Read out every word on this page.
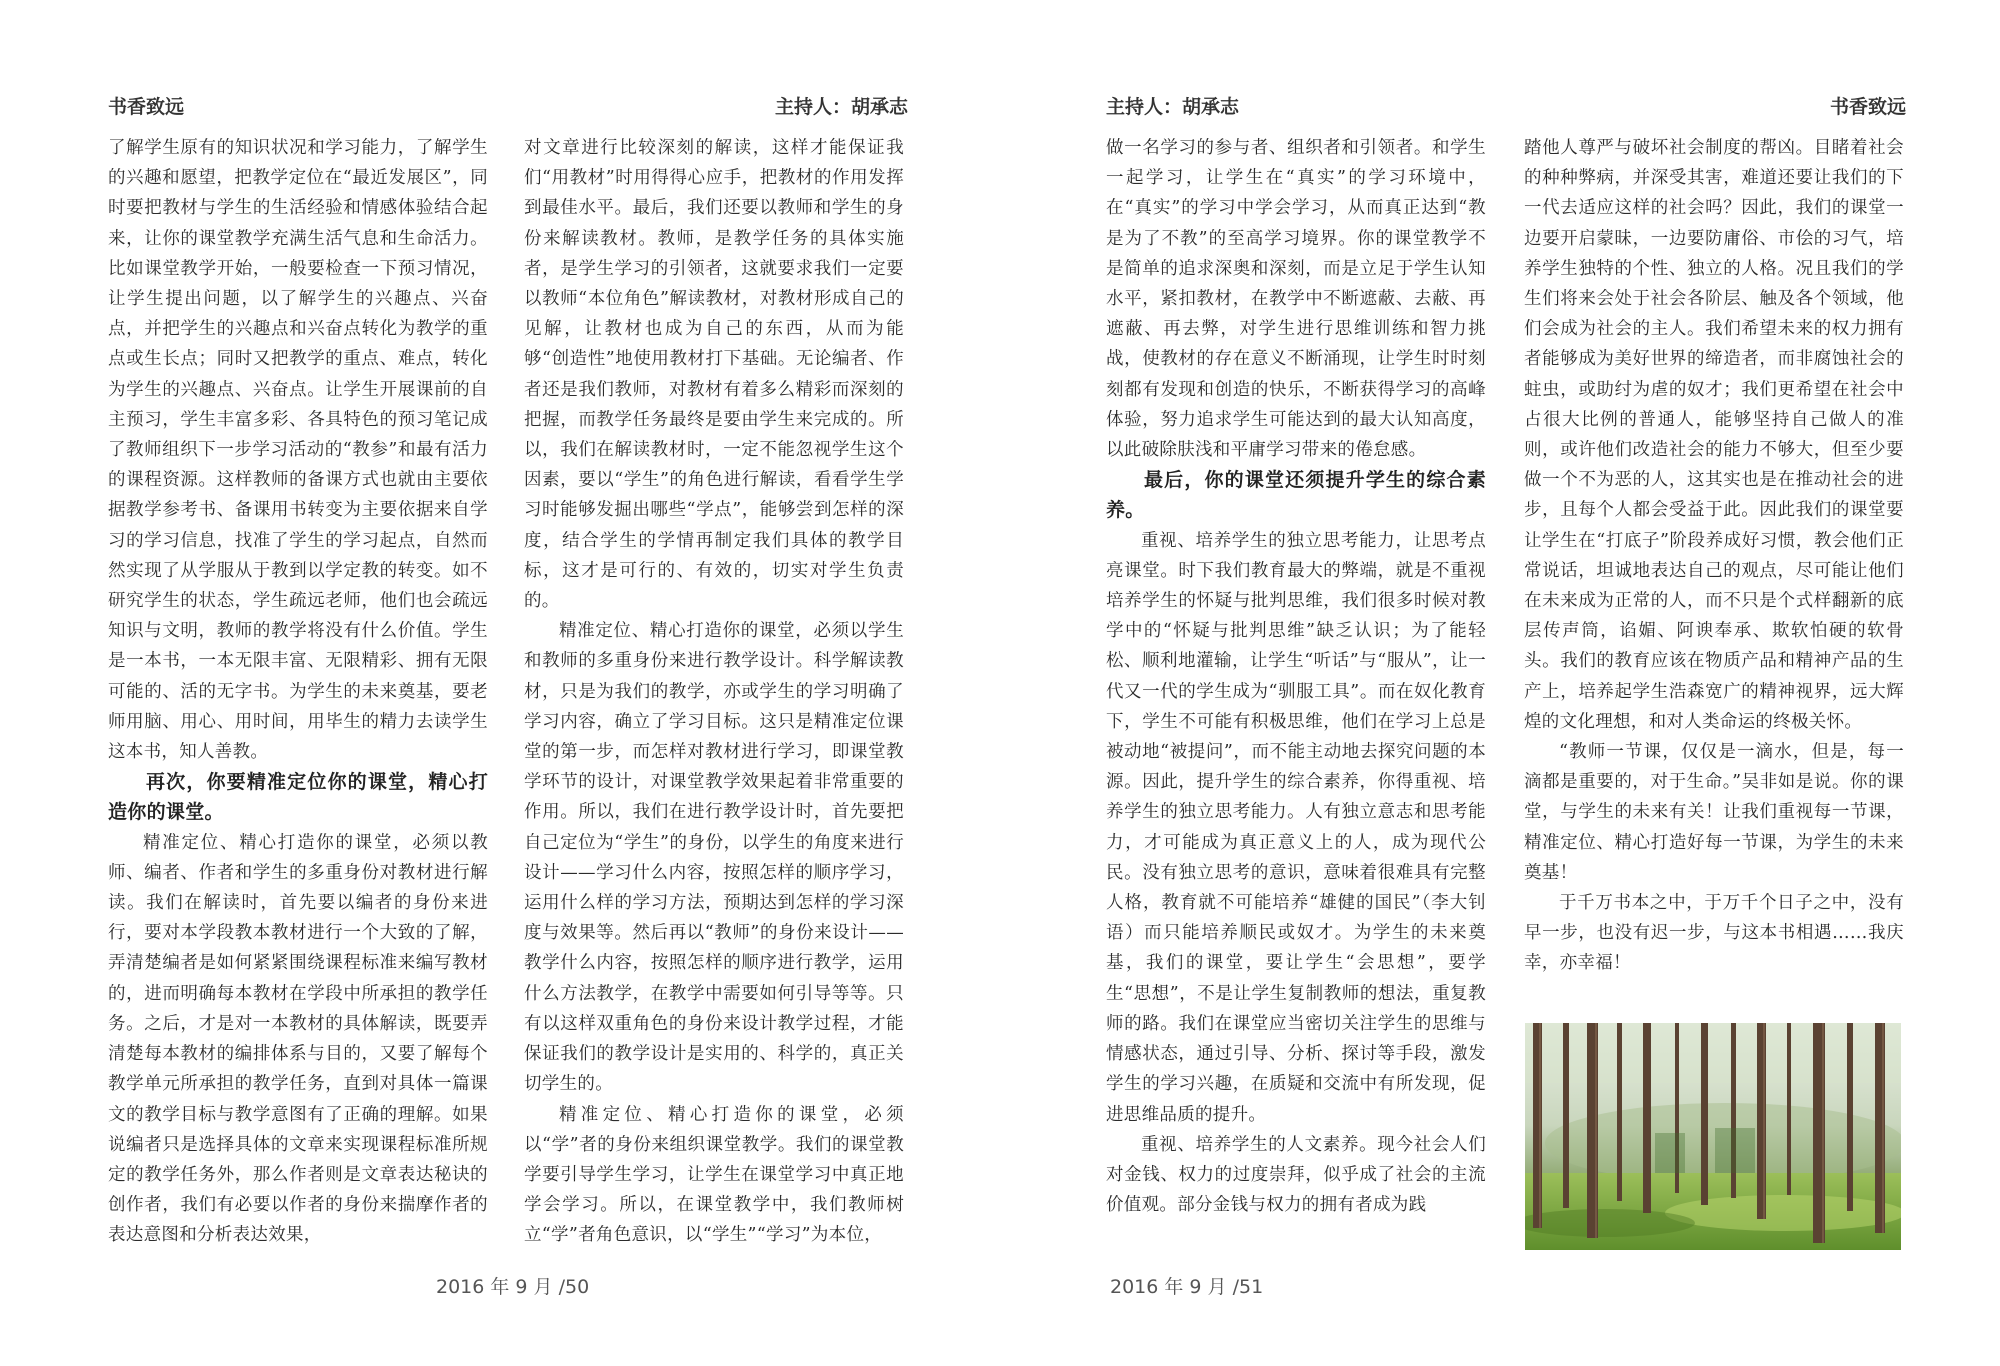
书香致远	主持人：胡承志

了解学生原有的知识状况和学习能力，了解学生的兴趣和愿望，把教学定位在“最近发展区”，同时要把教材与学生的生活经验和情感体验结合起来，让你的课堂教学充满生活气息和生命活力。比如课堂教学开始，一般要检查一下预习情况，让学生提出问题，以了解学生的兴趣点、兴奋点，并把学生的兴趣点和兴奋点转化为教学的重点或生长点；同时又把教学的重点、难点，转化为学生的兴趣点、兴奋点。让学生开展课前的自主预习，学生丰富多彩、各具特色的预习笔记成了教师组织下一步学习活动的“教参”和最有活力的课程资源。这样教师的备课方式也就由主要依据教学参考书、备课用书转变为主要依据来自学习的学习信息，找准了学生的学习起点，自然而然实现了从学服从于教到以学定教的转变。如不研究学生的状态，学生疏远老师，他们也会疏远知识与文明，教师的教学将没有什么价值。学生是一本书，一本无限丰富、无限精彩、拥有无限可能的、活的无字书。为学生的未来奠基，要老师用脑、用心、用时间，用毕生的精力去读学生这本书，知人善教。

再次，你要精准定位你的课堂，精心打造你的课堂。

精准定位、精心打造你的课堂，必须以教师、编者、作者和学生的多重身份对教材进行解读。我们在解读时，首先要以编者的身份来进行，要对本学段教本教材进行一个大致的了解，弄清楚编者是如何紧紧围绕课程标准来编写教材的，进而明确每本教材在学段中所承担的教学任务。之后，才是对一本教材的具体解读，既要弄清楚每本教材的编排体系与目的，又要了解每个教学单元所承担的教学任务，直到对具体一篇课文的教学目标与教学意图有了正确的理解。如果说编者只是选择具体的文章来实现课程标准所规定的教学任务外，那么作者则是文章表达秘诀的创作者，我们有必要以作者的身份来揣摩作者的表达意图和分析表达效果，

对文章进行比较深刻的解读，这样才能保证我们“用教材”时用得得心应手，把教材的作用发挥到最佳水平。最后，我们还要以教师和学生的身份来解读教材。教师，是教学任务的具体实施者，是学生学习的引领者，这就要求我们一定要以教师“本位角色”解读教材，对教材形成自己的见解，让教材也成为自己的东西，从而为能够“创造性”地使用教材打下基础。无论编者、作者还是我们教师，对教材有着多么精彩而深刻的把握，而教学任务最终是要由学生来完成的。所以，我们在解读教材时，一定不能忽视学生这个因素，要以“学生”的角色进行解读，看看学生学习时能够发掘出哪些“学点”，能够尝到怎样的深度，结合学生的学情再制定我们具体的教学目标，这才是可行的、有效的，切实对学生负责的。

精准定位、精心打造你的课堂，必须以学生和教师的多重身份来进行教学设计。科学解读教材，只是为我们的教学，亦或学生的学习明确了学习内容，确立了学习目标。这只是精准定位课堂的第一步，而怎样对教材进行学习，即课堂教学环节的设计，对课堂教学效果起着非常重要的作用。所以，我们在进行教学设计时，首先要把自己定位为“学生”的身份，以学生的角度来进行设计——学习什么内容，按照怎样的顺序学习，运用什么样的学习方法，预期达到怎样的学习深度与效果等。然后再以“教师”的身份来设计——教学什么内容，按照怎样的顺序进行教学，运用什么方法教学，在教学中需要如何引导等等。只有以这样双重角色的身份来设计教学过程，才能保证我们的教学设计是实用的、科学的，真正关切学生的。

精准定位、精心打造你的课堂，必须以“学”者的身份来组织课堂教学。我们的课堂教学要引导学生学习，让学生在课堂学习中真正地学会学习。所以，在课堂教学中，我们教师树立“学”者角色意识，以“学生”“学习”为本位，

2016 年 9 月 /50
主持人：胡承志	书香致远

做一名学习的参与者、组织者和引领者。和学生一起学习，让学生在“真实”的学习环境中，在“真实”的学习中学会学习，从而真正达到“教是为了不教”的至高学习境界。你的课堂教学不是简单的追求深奥和深刻，而是立足于学生认知水平，紧扣教材，在教学中不断遮蔽、去蔽、再遮蔽、再去弊，对学生进行思维训练和智力挑战，使教材的存在意义不断涌现，让学生时时刻刻都有发现和创造的快乐，不断获得学习的高峰体验，努力追求学生可能达到的最大认知高度，以此破除肤浅和平庸学习带来的倦怠感。

最后，你的课堂还须提升学生的综合素养。

重视、培养学生的独立思考能力，让思考点亮课堂。时下我们教育最大的弊端，就是不重视培养学生的怀疑与批判思维，我们很多时候对教学中的“怀疑与批判思维”缺乏认识；为了能轻松、顺利地灌输，让学生“听话”与“服从”，让一代又一代的学生成为“驯服工具”。而在奴化教育下，学生不可能有积极思维，他们在学习上总是被动地“被提问”，而不能主动地去探究问题的本源。因此，提升学生的综合素养，你得重视、培养学生的独立思考能力。人有独立意志和思考能力，才可能成为真正意义上的人，成为现代公民。没有独立思考的意识，意味着很难具有完整人格，教育就不可能培养“雄健的国民”（李大钊语）而只能培养顺民或奴才。为学生的未来奠基，我们的课堂，要让学生“会思想”，要学生“思想”，不是让学生复制教师的想法，重复教师的路。我们在课堂应当密切关注学生的思维与情感状态，通过引导、分析、探讨等手段，激发学生的学习兴趣，在质疑和交流中有所发现，促进思维品质的提升。

重视、培养学生的人文素养。现今社会人们对金钱、权力的过度崇拜，似乎成了社会的主流价值观。部分金钱与权力的拥有者成为践

踏他人尊严与破坏社会制度的帮凶。目睹着社会的种种弊病，并深受其害，难道还要让我们的下一代去适应这样的社会吗？因此，我们的课堂一边要开启蒙昧，一边要防庸俗、市侩的习气，培养学生独特的个性、独立的人格。况且我们的学生们将来会处于社会各阶层、触及各个领域，他们会成为社会的主人。我们希望未来的权力拥有者能够成为美好世界的缔造者，而非腐蚀社会的蛀虫，或助纣为虐的奴才；我们更希望在社会中占很大比例的普通人，能够坚持自己做人的准则，或许他们改造社会的能力不够大，但至少要做一个不为恶的人，这其实也是在推动社会的进步，且每个人都会受益于此。因此我们的课堂要让学生在“打底子”阶段养成好习惯，教会他们正常说话，坦诚地表达自己的观点，尽可能让他们在未来成为正常的人，而不只是个式样翻新的底层传声筒，谄媚、阿谀奉承、欺软怕硬的软骨头。我们的教育应该在物质产品和精神产品的生产上，培养起学生浩森宽广的精神视界，远大辉煌的文化理想，和对人类命运的终极关怀。

“教师一节课，仅仅是一滴水，但是，每一滴都是重要的，对于生命。”吴非如是说。你的课堂，与学生的未来有关！让我们重视每一节课，精准定位、精心打造好每一节课，为学生的未来奠基！

于千万书本之中，于万千个日子之中，没有早一步，也没有迟一步，与这本书相遇……我庆幸，亦幸福！

2016 年 9 月 /51
